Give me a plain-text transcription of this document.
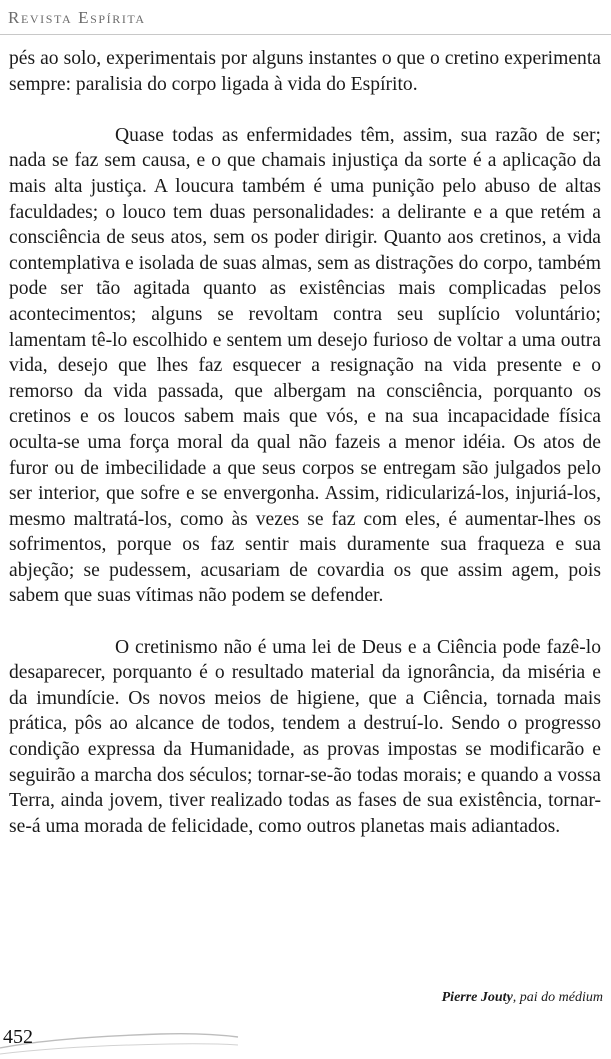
Revista Espírita

pés ao solo, experimentais por alguns instantes o que o cretino experimenta sempre: paralisia do corpo ligada à vida do Espírito.

Quase todas as enfermidades têm, assim, sua razão de ser; nada se faz sem causa, e o que chamais injustiça da sorte é a aplicação da mais alta justiça. A loucura também é uma punição pelo abuso de altas faculdades; o louco tem duas personalidades: a delirante e a que retém a consciência de seus atos, sem os poder dirigir. Quanto aos cretinos, a vida contemplativa e isolada de suas almas, sem as distrações do corpo, também pode ser tão agitada quanto as existências mais complicadas pelos acontecimentos; alguns se revoltam contra seu suplício voluntário; lamentam tê-lo escolhido e sentem um desejo furioso de voltar a uma outra vida, desejo que lhes faz esquecer a resignação na vida presente e o remorso da vida passada, que albergam na consciência, porquanto os cretinos e os loucos sabem mais que vós, e na sua incapacidade física oculta-se uma força moral da qual não fazeis a menor idéia. Os atos de furor ou de imbecilidade a que seus corpos se entregam são julgados pelo ser interior, que sofre e se envergonha. Assim, ridicularizá-los, injuriá-los, mesmo maltratá-los, como às vezes se faz com eles, é aumentar-lhes os sofrimentos, porque os faz sentir mais duramente sua fraqueza e sua abjeção; se pudessem, acusariam de covardia os que assim agem, pois sabem que suas vítimas não podem se defender.

O cretinismo não é uma lei de Deus e a Ciência pode fazê-lo desaparecer, porquanto é o resultado material da ignorância, da miséria e da imundície. Os novos meios de higiene, que a Ciência, tornada mais prática, pôs ao alcance de todos, tendem a destruí-lo. Sendo o progresso condição expressa da Humanidade, as provas impostas se modificarão e seguirão a marcha dos séculos; tornar-se-ão todas morais; e quando a vossa Terra, ainda jovem, tiver realizado todas as fases de sua existência, tornar-se-á uma morada de felicidade, como outros planetas mais adiantados.

Pierre Jouty, pai do médium
452
